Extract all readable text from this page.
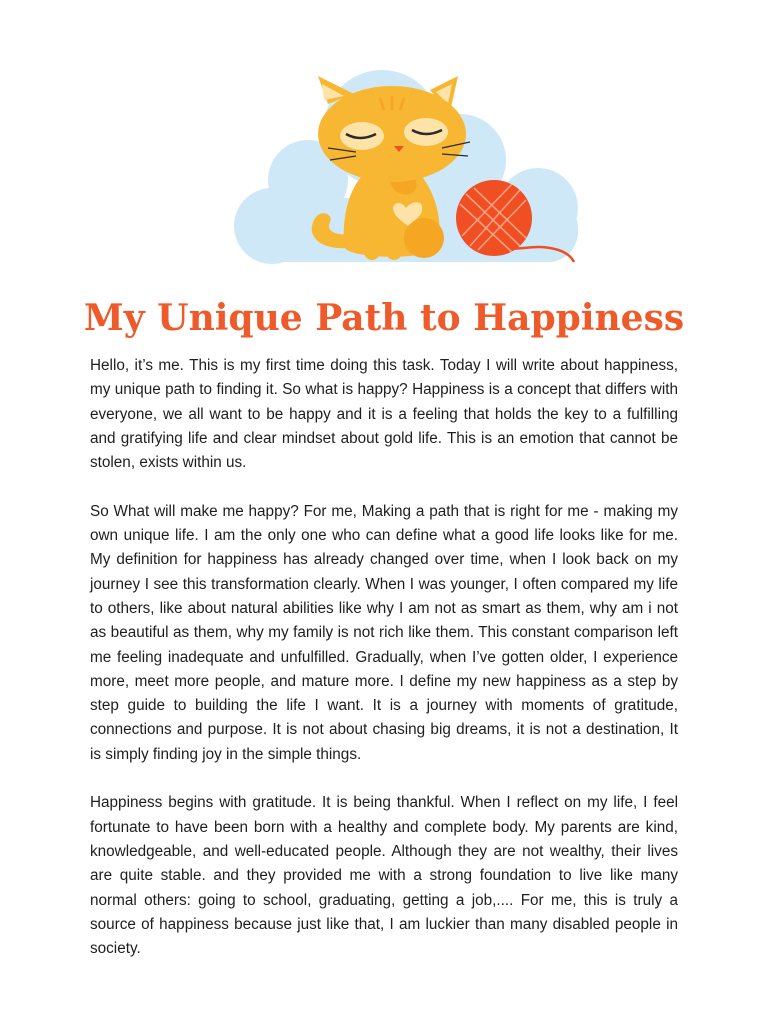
My Unique Path to Happiness

Hello, it’s me. This is my first time doing this task. Today I will write about happiness, my unique path to finding it. So what is happy? Happiness is a concept that differs with everyone, we all want to be happy and it is a feeling that holds the key to a fulfilling and gratifying life and clear mindset about gold life. This is an emotion that cannot be stolen, exists within us.

So What will make me happy? For me, Making a path that is right for me - making my own unique life. I am the only one who can define what a good life looks like for me. My definition for happiness has already changed over time, when I look back on my journey I see this transformation clearly. When I was younger, I often compared my life to others, like about natural abilities like why I am not as smart as them, why am i not as beautiful as them, why my family is not rich like them. This constant comparison left me feeling inadequate and unfulfilled. Gradually, when I’ve gotten older, I experience more, meet more people, and mature more. I define my new happiness as a step by step guide to building the life I want. It is a journey with moments of gratitude, connections and purpose. It is not about chasing big dreams, it is not a destination, It is simply finding joy in the simple things.

Happiness begins with gratitude. It is being thankful. When I reflect on my life, I feel fortunate to have been born with a healthy and complete body. My parents are kind, knowledgeable, and well-educated people. Although they are not wealthy, their lives are quite stable. and they provided me with a strong foundation to live like many normal others: going to school, graduating, getting a job,.... For me, this is truly a source of happiness because just like that, I am luckier than many disabled people in society.
